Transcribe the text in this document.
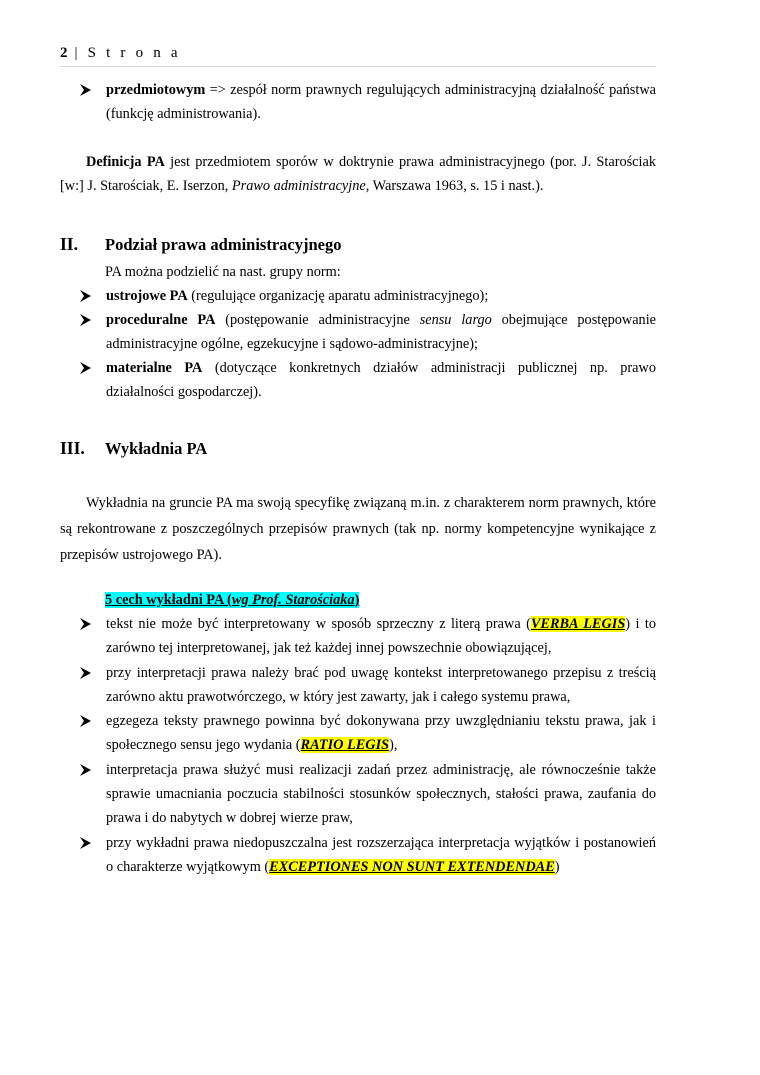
2 | S t r o n a
przedmiotowym => zespół norm prawnych regulujących administracyjną działalność państwa (funkcję administrowania).
Definicja PA jest przedmiotem sporów w doktrynie prawa administracyjnego (por. J. Starościak [w:] J. Starościak, E. Iserzon, Prawo administracyjne, Warszawa 1963, s. 15 i nast.).
II. Podział prawa administracyjnego
PA można podzielić na nast. grupy norm:
ustrojowe PA (regulujące organizację aparatu administracyjnego);
proceduralne PA (postępowanie administracyjne sensu largo obejmujące postępowanie administracyjne ogólne, egzekucyjne i sądowo-administracyjne);
materialne PA (dotyczące konkretnych działów administracji publicznej np. prawo działalności gospodarczej).
III. Wykładnia PA
Wykładnia na gruncie PA ma swoją specyfikę związaną m.in. z charakterem norm prawnych, które są rekontrowane z poszczególnych przepisów prawnych (tak np. normy kompetencyjne wynikające z przepisów ustrojowego PA).
5 cech wykładni PA (wg Prof. Starościaka)
tekst nie może być interpretowany w sposób sprzeczny z literą prawa (VERBA LEGIS) i to zarówno tej interpretowanej, jak też każdej innej powszechnie obowiązującej,
przy interpretacji prawa należy brać pod uwagę kontekst interpretowanego przepisu z treścią zarówno aktu prawotwórczego, w który jest zawarty, jak i całego systemu prawa,
egzegeza teksty prawnego powinna być dokonywana przy uwzględnianiu tekstu prawa, jak i społecznego sensu jego wydania (RATIO LEGIS),
interpretacja prawa służyć musi realizacji zadań przez administrację, ale równocześnie także sprawie umacniania poczucia stabilności stosunków społecznych, stałości prawa, zaufania do prawa i do nabytych w dobrej wierze praw,
przy wykładni prawa niedopuszczalna jest rozszerzająca interpretacja wyjątków i postanowień o charakterze wyjątkowym (EXCEPTIONES NON SUNT EXTENDENDAE)
